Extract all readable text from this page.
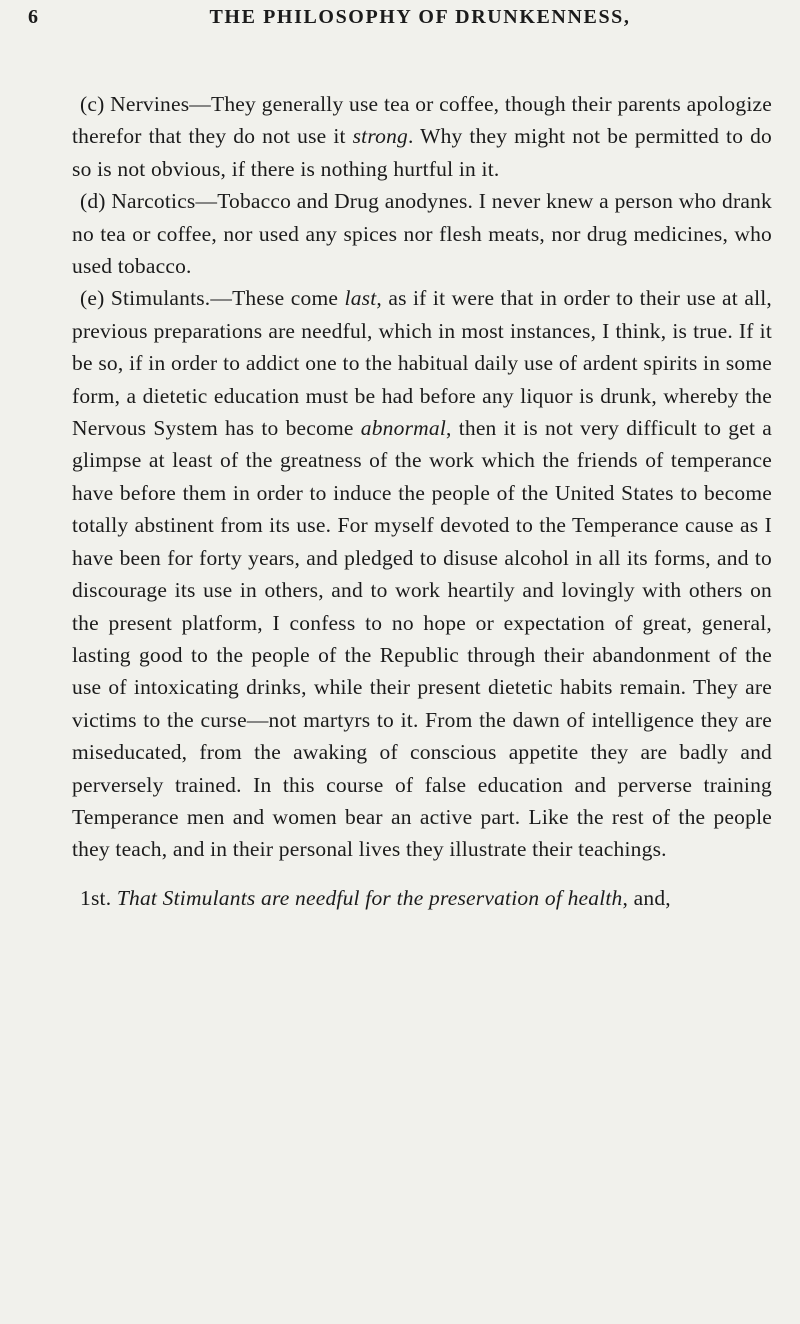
6	THE PHILOSOPHY OF DRUNKENNESS,

(c) Nervines—They generally use tea or coffee, though their parents apologize therefor that they do not use it strong. Why they might not be permitted to do so is not obvious, if there is nothing hurtful in it.

(d) Narcotics—Tobacco and Drug anodynes. I never knew a person who drank no tea or coffee, nor used any spices nor flesh meats, nor drug medicines, who used tobacco.

(e) Stimulants.—These come last, as if it were that in order to their use at all, previous preparations are needful, which in most instances, I think, is true. If it be so, if in order to addict one to the habitual daily use of ardent spirits in some form, a dietetic education must be had before any liquor is drunk, whereby the Nervous System has to become abnormal, then it is not very difficult to get a glimpse at least of the greatness of the work which the friends of temperance have before them in order to induce the people of the United States to become totally abstinent from its use. For myself devoted to the Temperance cause as I have been for forty years, and pledged to disuse alcohol in all its forms, and to discourage its use in others, and to work heartily and lovingly with others on the present platform, I confess to no hope or expectation of great, general, lasting good to the people of the Republic through their abandonment of the use of intoxicating drinks, while their present dietetic habits remain. They are victims to the curse—not martyrs to it. From the dawn of intelligence they are miseducated, from the awaking of conscious appetite they are badly and perversely trained. In this course of false education and perverse training Temperance men and women bear an active part. Like the rest of the people they teach, and in their personal lives they illustrate their teachings.

1st. That Stimulants are needful for the preservation of health, and,
